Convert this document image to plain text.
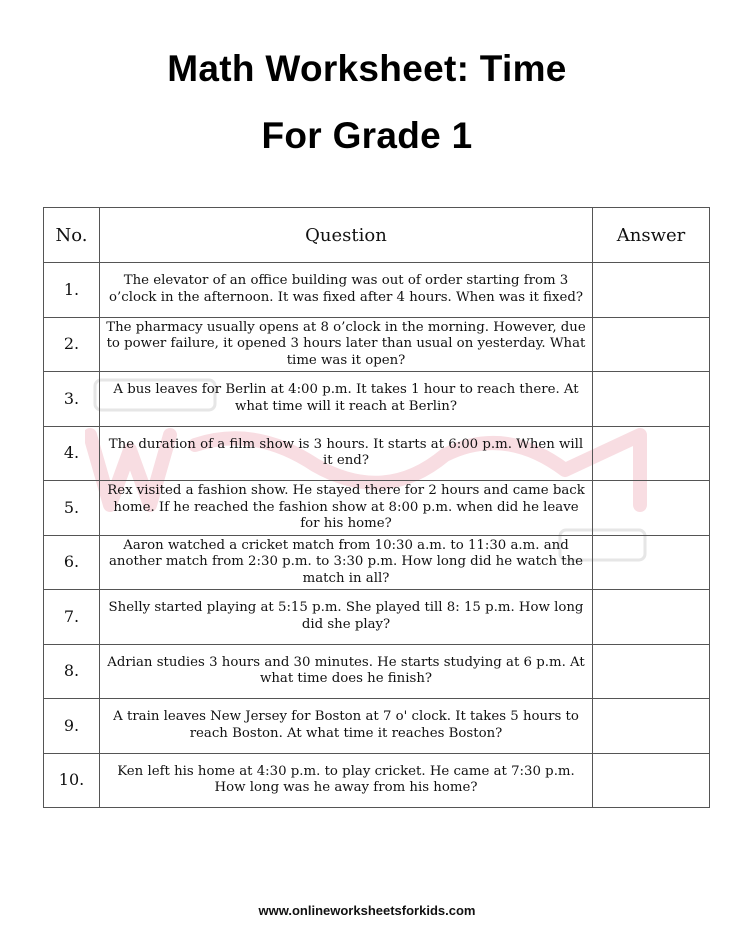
Math Worksheet: Time
For Grade 1
No.	Question	Answer
1.	The elevator of an office building was out of order starting from 3 o’clock in the afternoon. It was fixed after 4 hours. When was it fixed?	
2.	The pharmacy usually opens at 8 o’clock in the morning. However, due to power failure, it opened 3 hours later than usual on yesterday. What time was it open?	
3.	A bus leaves for Berlin at 4:00 p.m. It takes 1 hour to reach there. At what time will it reach at Berlin?	
4.	The duration of a film show is 3 hours. It starts at 6:00 p.m. When will it end?	
5.	Rex visited a fashion show. He stayed there for 2 hours and came back home. If he reached the fashion show at 8:00 p.m. when did he leave for his home?	
6.	Aaron watched a cricket match from 10:30 a.m. to 11:30 a.m. and another match from 2:30 p.m. to 3:30 p.m. How long did he watch the match in all?	
7.	Shelly started playing at 5:15 p.m. She played till 8: 15 p.m. How long did she play?	
8.	Adrian studies 3 hours and 30 minutes. He starts studying at 6 p.m. At what time does he finish?	
9.	A train leaves New Jersey for Boston at 7 o' clock. It takes 5 hours to reach Boston. At what time it reaches Boston?	
10.	Ken left his home at 4:30 p.m. to play cricket. He came at 7:30 p.m. How long was he away from his home?	
www.onlineworksheetsforkids.com
